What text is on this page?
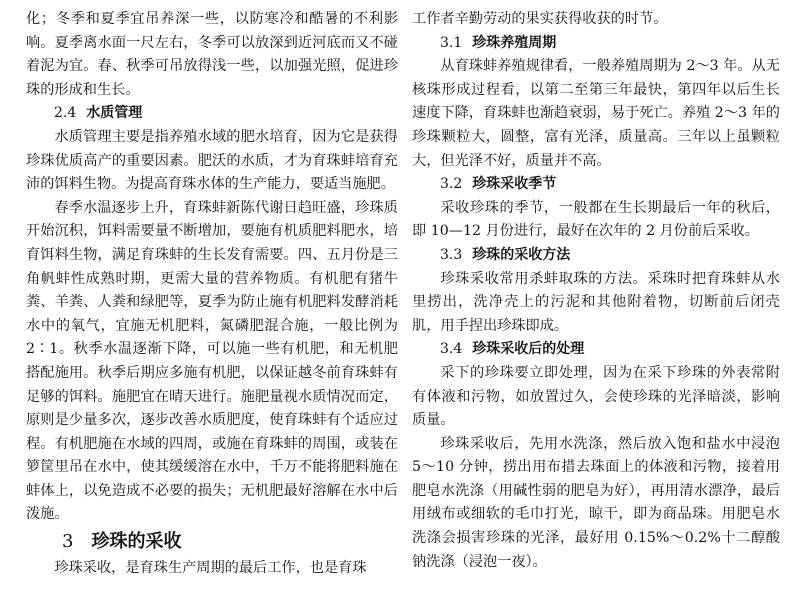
化；冬季和夏季宜吊养深一些，以防寒冷和酷暑的不利影响。夏季离水面一尺左右，冬季可以放深到近河底而又不碰着泥为宜。春、秋季可吊放得浅一些，以加强光照，促进珍珠的形成和生长。

2.4 水质管理

水质管理主要是指养殖水域的肥水培育，因为它是获得珍珠优质高产的重要因素。肥沃的水质，才为育珠蚌培育充沛的饵料生物。为提高育珠水体的生产能力，要适当施肥。

春季水温逐步上升，育珠蚌新陈代谢日趋旺盛，珍珠质开始沉积，饵料需要量不断增加，要施有机质肥料肥水，培育饵料生物，满足育珠蚌的生长发育需要。四、五月份是三角帆蚌性成熟时期，更需大量的营养物质。有机肥有猪牛粪、羊粪、人粪和绿肥等，夏季为防止施有机肥料发酵消耗水中的氧气，宜施无机肥料，氮磷肥混合施，一般比例为 2∶1。秋季水温逐渐下降，可以施一些有机肥，和无机肥搭配施用。秋季后期应多施有机肥，以保证越冬前育珠蚌有足够的饵料。施肥宜在晴天进行。施肥量视水质情况而定，原则是少量多次，逐步改善水质肥度，使育珠蚌有个适应过程。有机肥施在水域的四周，或施在育珠蚌的周围，或装在箩筐里吊在水中，使其缓缓溶在水中，千万不能将肥料施在蚌体上，以免造成不必要的损失；无机肥最好溶解在水中后泼施。

3 珍珠的采收

珍珠采收，是育珠生产周期的最后工作，也是育珠

工作者辛勤劳动的果实获得收获的时节。

3.1 珍珠养殖周期

从育珠蚌养殖规律看，一般养殖周期为 2～3 年。从无核珠形成过程看，以第二至第三年最快，第四年以后生长速度下降，育珠蚌也渐趋衰弱，易于死亡。养殖 2～3 年的珍珠颗粒大，圆整，富有光泽，质量高。三年以上虽颗粒大，但光泽不好，质量并不高。

3.2 珍珠采收季节

采收珍珠的季节，一般都在生长期最后一年的秋后，即 10—12 月份进行，最好在次年的 2 月份前后采收。

3.3 珍珠的采收方法

珍珠采收常用杀蚌取珠的方法。采珠时把育珠蚌从水里捞出，洗净壳上的污泥和其他附着物，切断前后闭壳肌，用手捏出珍珠即成。

3.4 珍珠采收后的处理

采下的珍珠要立即处理，因为在采下珍珠的外表常附有体液和污物，如放置过久，会使珍珠的光泽暗淡，影响质量。

珍珠采收后，先用水洗涤，然后放入饱和盐水中浸泡 5～10 分钟，捞出用布措去珠面上的体液和污物，接着用肥皂水洗涤（用碱性弱的肥皂为好），再用清水漂净，最后用绒布或细软的毛巾打光，晾干，即为商品珠。用肥皂水洗涤会损害珍珠的光泽，最好用 0.15%～0.2%十二醇酸钠洗涤（浸泡一夜）。
